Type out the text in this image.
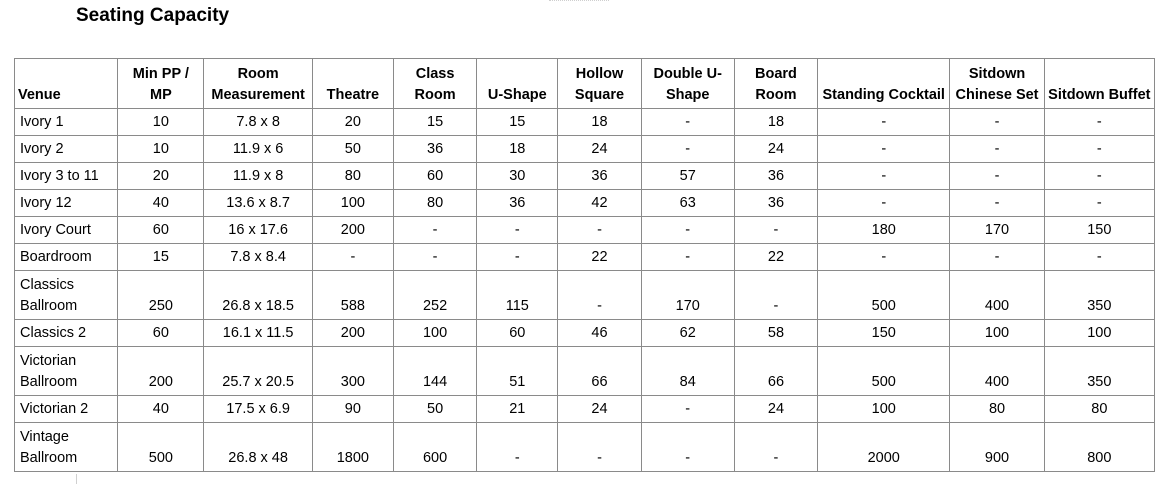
Seating Capacity
Venue	Min PP / MP	Room Measurement	Theatre	Class Room	U-Shape	Hollow Square	Double U-Shape	Board Room	Standing Cocktail	Sitdown Chinese Set	Sitdown Buffet
Ivory 1	10	7.8 x 8	20	15	15	18	-	18	-	-	-
Ivory 2	10	11.9 x 6	50	36	18	24	-	24	-	-	-
Ivory 3 to 11	20	11.9 x 8	80	60	30	36	57	36	-	-	-
Ivory 12	40	13.6 x 8.7	100	80	36	42	63	36	-	-	-
Ivory Court	60	16 x 17.6	200	-	-	-	-	-	180	170	150
Boardroom	15	7.8 x 8.4	-	-	-	22	-	22	-	-	-
Classics Ballroom	250	26.8 x 18.5	588	252	115	-	170	-	500	400	350
Classics 2	60	16.1 x 11.5	200	100	60	46	62	58	150	100	100
Victorian Ballroom	200	25.7 x 20.5	300	144	51	66	84	66	500	400	350
Victorian 2	40	17.5 x 6.9	90	50	21	24	-	24	100	80	80
Vintage Ballroom	500	26.8 x 48	1800	600	-	-	-	-	2000	900	800
